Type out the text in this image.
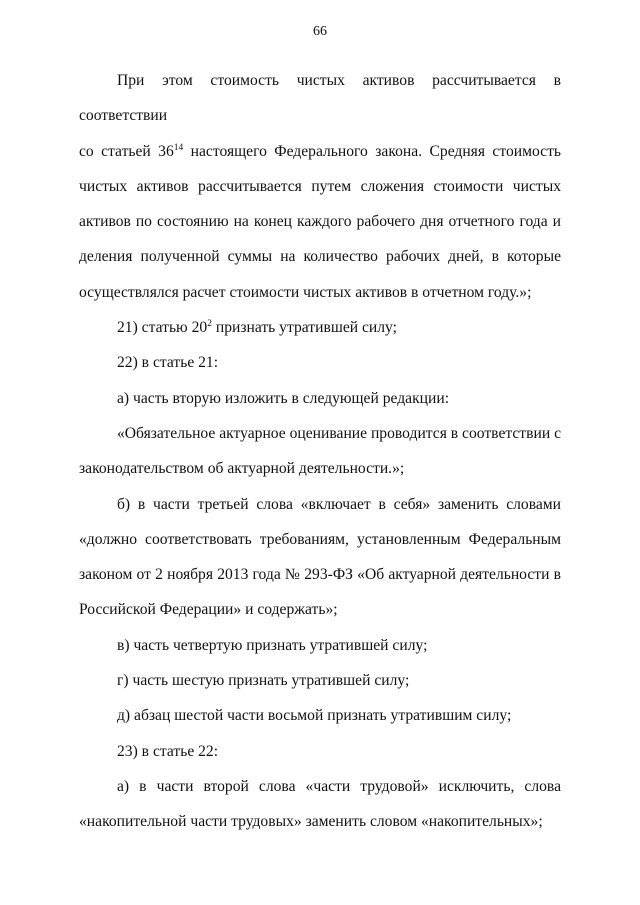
66

При этом стоимость чистых активов рассчитывается в соответствии

со статьей $36^{14}$ настоящего Федерального закона. Средняя стоимость

чистых активов рассчитывается путем сложения стоимости чистых

активов по состоянию на конец каждого рабочего дня отчетного года и

деления полученной суммы на количество рабочих дней, в которые

осуществлялся расчет стоимости чистых активов в отчетном году.»;

21) статью $20^2$ признать утратившей силу;

22) в статье 21:

а) часть вторую изложить в следующей редакции:

«Обязательное актуарное оценивание проводится в соответствии с

законодательством об актуарной деятельности.»;

б) в части третьей слова «включает в себя» заменить словами

«должно соответствовать требованиям, установленным Федеральным

законом от 2 ноября 2013 года № 293-ФЗ «Об актуарной деятельности в

Российской Федерации» и содержать»;

в) часть четвертую признать утратившей силу;

г) часть шестую признать утратившей силу;

д) абзац шестой части восьмой признать утратившим силу;

23) в статье 22:

а) в части второй слова «части трудовой» исключить, слова

«накопительной части трудовых» заменить словом «накопительных»;
